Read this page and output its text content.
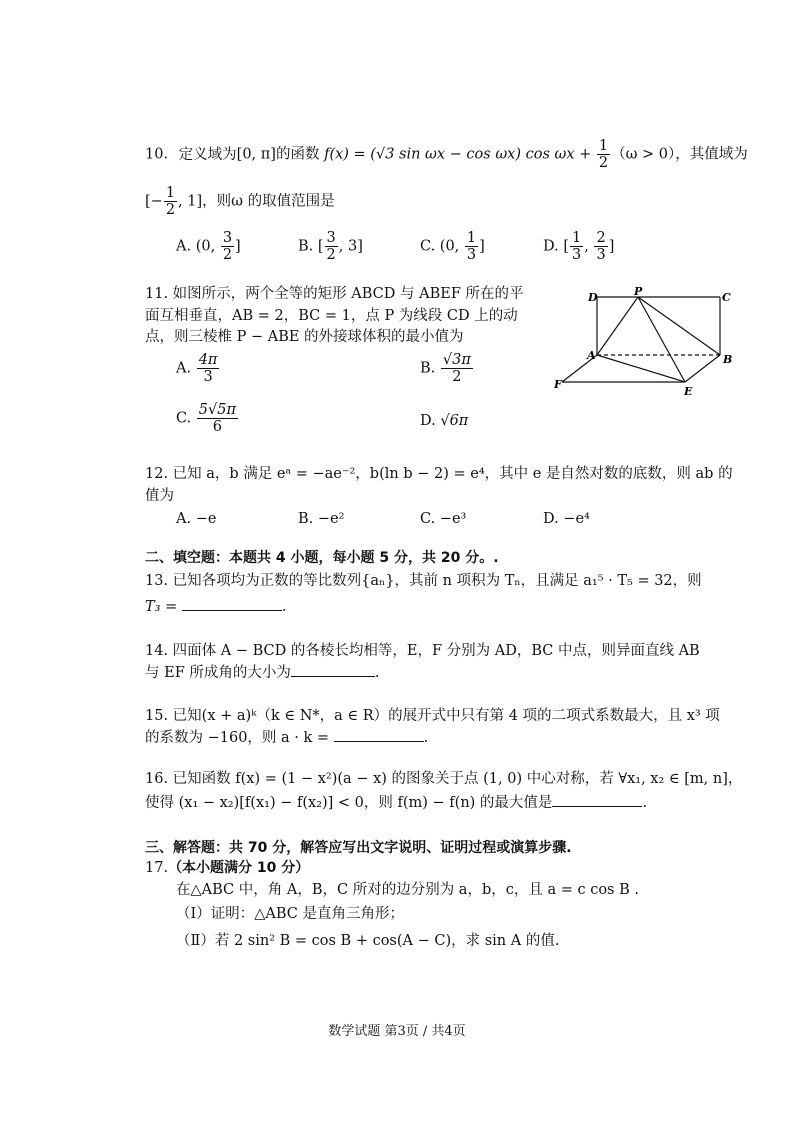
10. 定义域为[0, π]的函数 f(x) = (√3 sin ωx − cos ωx) $\cos \omega x + \frac{1}{2} (\omega > 0)$，其值域为
[− $\frac{1}{2}$ , 1]，则ω 的取值范围是
A. (0, $\frac{3}{2}$ ]	B. [ $\frac{3}{2}$ , 3]	C. (0, $\frac{1}{3}$ ]	D. [ $\frac{1}{3}$ , $\frac{2}{3}$ ]
11. 如图所示，两个全等的矩形 ABCD 与 ABEF 所在的平
面互相垂直，AB = 2，BC = 1，点 P 为线段 CD 上的动
点，则三棱椎 P − ABE 的外接球体积的最小值为
A. $\frac{4\pi}{3}$	B. $\frac{√3\pi}{2}$
C. $\frac{5√5\pi}{6}$	D. √6π
D	P	C
A	B
F
E
12. 已知 a，b 满足 eᵃ = −ae⁻²，b(ln b − 2) = e⁴，其中 e 是自然对数的底数，则 ab 的
值为
A. −e	B. −e²	C. −e³	D. −e⁴
二、填空题：本题共 4 小题，每小题 5 分，共 20 分。.
13. 已知各项均为正数的等比数列{aₙ}，其前 n 项积为 Tₙ，且满足 a₁⁵ · T₅ = 32，则
T₃ =	.
14. 四面体 A − BCD 的各棱长均相等，E，F 分别为 AD，BC 中点，则异面直线 AB
与 EF 所成角的大小为	.
15. 已知(x + a)ᵏ（k ∈ N*，a ∈ R）的展开式中只有第 4 项的二项式系数最大，且 x³ 项
的系数为 −160，则 a · k =	.
16. 已知函数 f(x) = (1 − x²)(a − x) 的图象关于点 (1, 0) 中心对称，若 ∀x₁, x₂ ∈ [m, n]，
使得 (x₁ − x₂)[f(x₁) − f(x₂)] < 0，则 f(m) − f(n) 的最大值是	.
三、解答题：共 70 分，解答应写出文字说明、证明过程或演算步骤.
17.（本小题满分 10 分）
在△ABC 中，角 A，B，C 所对的边分别为 a，b，c，且 a = c cos B .
（Ⅰ）证明：△ABC 是直角三角形；
（Ⅱ）若 2 sin² B = cos B + cos(A − C)，求 sin A 的值.
数学试题 第3页 / 共4页
